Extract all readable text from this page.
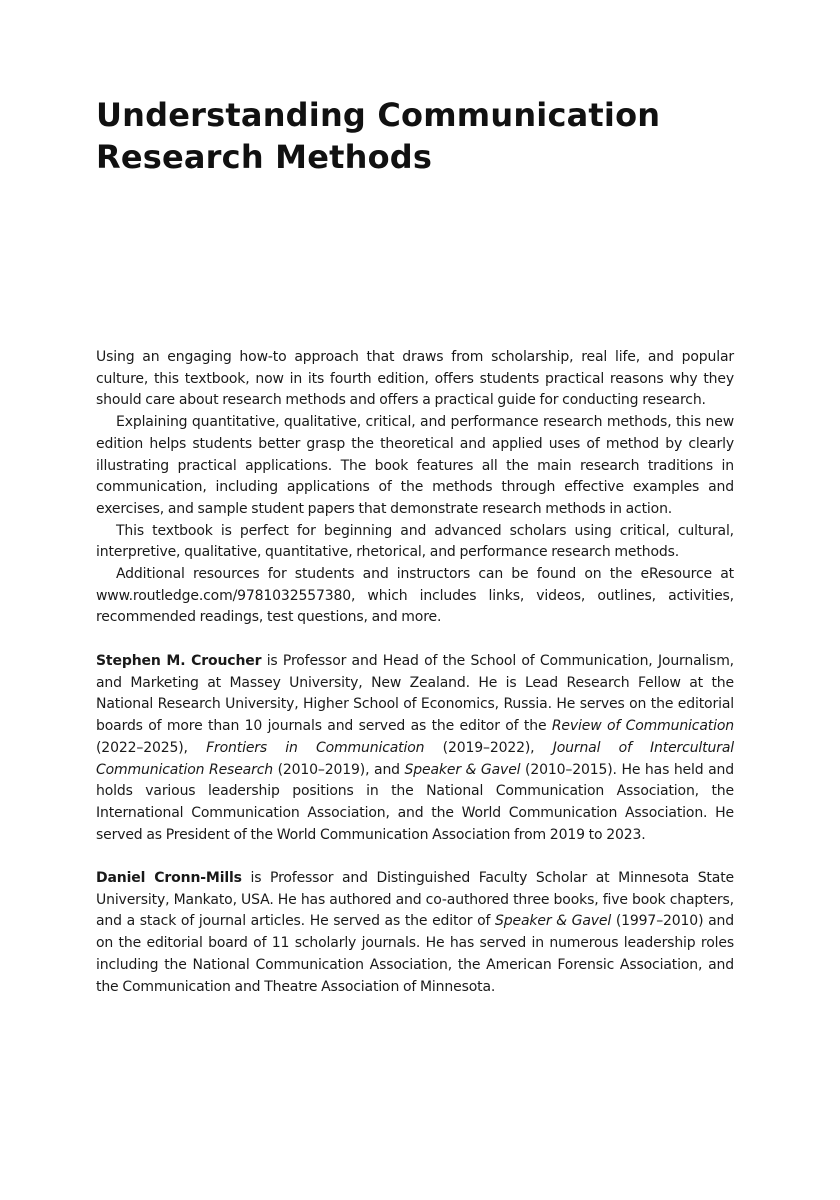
Understanding Communication
Research Methods

Using an engaging how-to approach that draws from scholarship, real life, and popular culture, this textbook, now in its fourth edition, offers students practical reasons why they should care about research methods and offers a practical guide for conducting research.

Explaining quantitative, qualitative, critical, and performance research methods, this new edition helps students better grasp the theoretical and applied uses of method by clearly illustrating practical applications. The book features all the main research traditions in communication, including applications of the methods through effective examples and exercises, and sample student papers that demonstrate research methods in action.

This textbook is perfect for beginning and advanced scholars using critical, cultural, interpretive, qualitative, quantitative, rhetorical, and performance research methods.

Additional resources for students and instructors can be found on the eResource at www.routledge.com/9781032557380, which includes links, videos, outlines, activities, recommended readings, test questions, and more.

Stephen M. Croucher is Professor and Head of the School of Communication, Journalism, and Marketing at Massey University, New Zealand. He is Lead Research Fellow at the National Research University, Higher School of Economics, Russia. He serves on the editorial boards of more than 10 journals and served as the editor of the Review of Communication (2022–2025), Frontiers in Communication (2019–2022), Journal of Intercultural Communication Research (2010–2019), and Speaker & Gavel (2010–2015). He has held and holds various leadership positions in the National Communication Association, the International Communication Association, and the World Communication Association. He served as President of the World Communication Association from 2019 to 2023.

Daniel Cronn-Mills is Professor and Distinguished Faculty Scholar at Minnesota State University, Mankato, USA. He has authored and co-authored three books, five book chapters, and a stack of journal articles. He served as the editor of Speaker & Gavel (1997–2010) and on the editorial board of 11 scholarly journals. He has served in numerous leadership roles including the National Communication Association, the American Forensic Association, and the Communication and Theatre Association of Minnesota.
